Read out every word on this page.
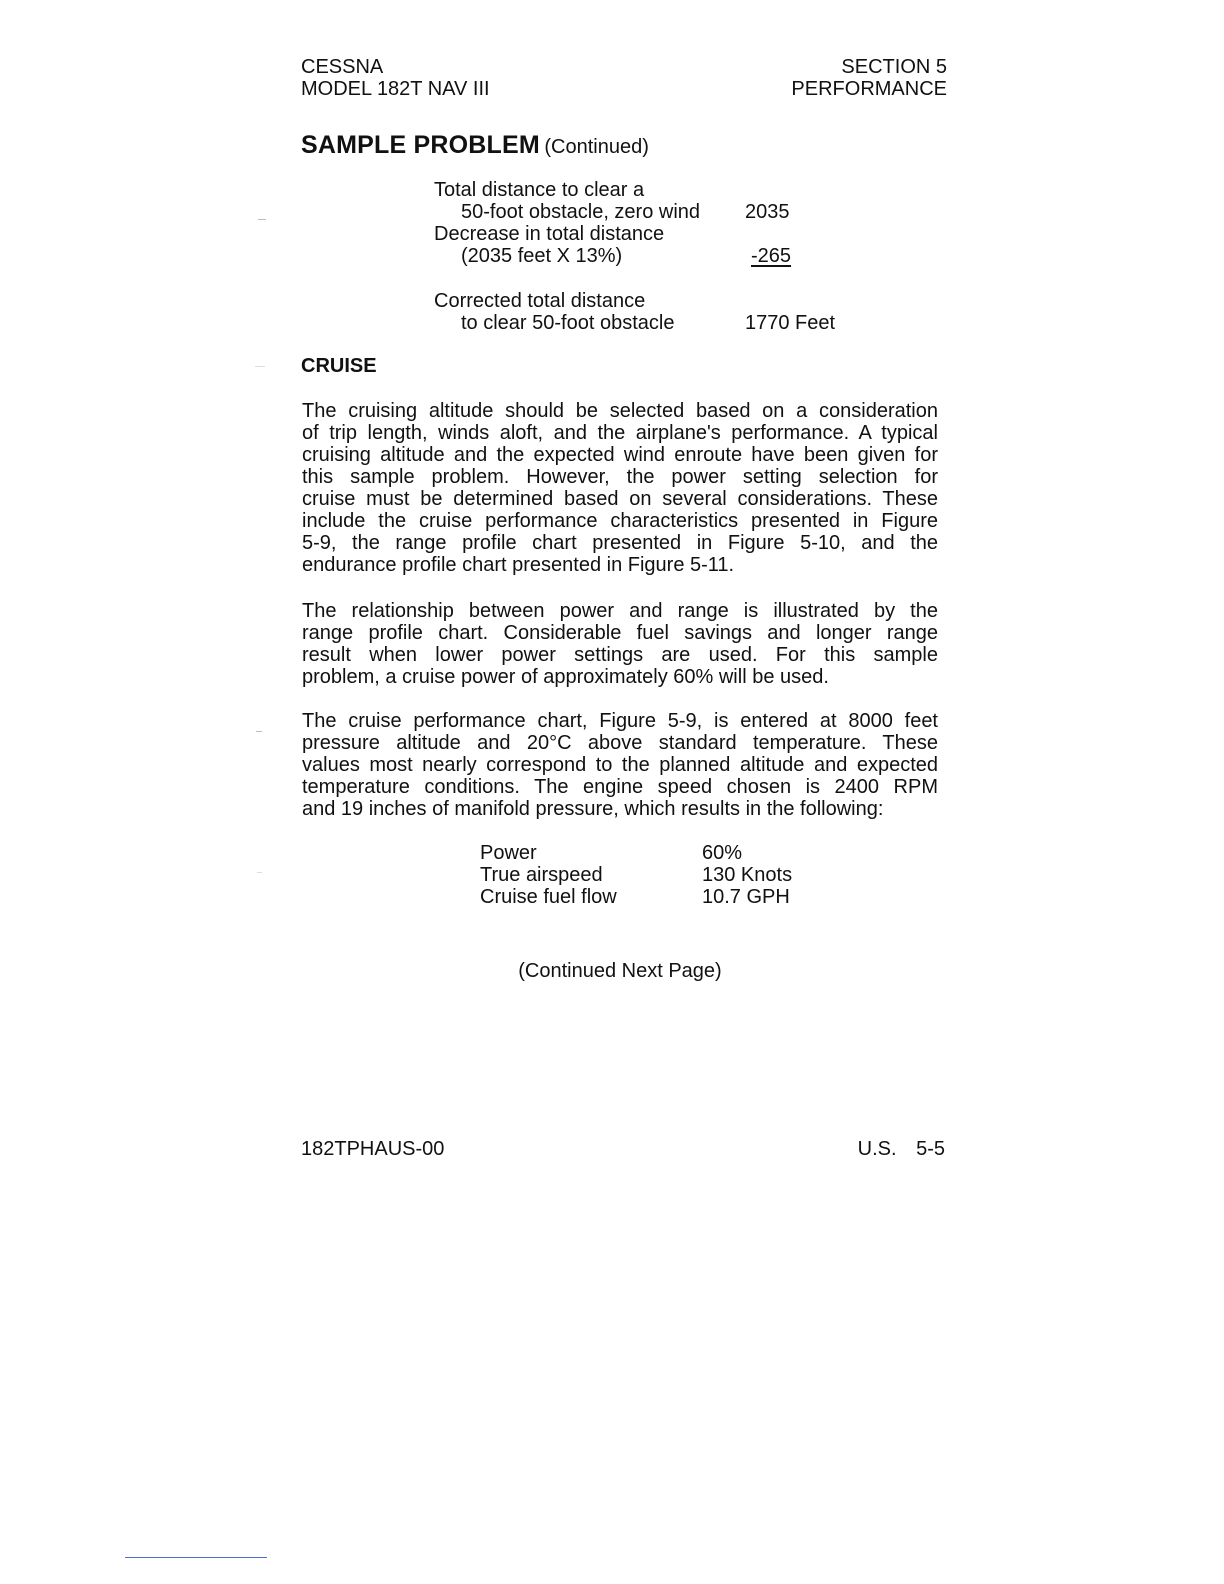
CESSNA
MODEL 182T NAV III
SECTION 5
PERFORMANCE
SAMPLE PROBLEM (Continued)
Total distance to clear a
50-foot obstacle, zero wind 2035
Decrease in total distance
(2035 feet X 13%)	-265
Corrected total distance
to clear 50-foot obstacle	1770 Feet
CRUISE
The cruising altitude should be selected based on a consideration
of trip length, winds aloft, and the airplane's performance. A typical
cruising altitude and the expected wind enroute have been given for
this sample problem. However, the power setting selection for
cruise must be determined based on several considerations. These
include the cruise performance characteristics presented in Figure
5-9, the range profile chart presented in Figure 5-10, and the
endurance profile chart presented in Figure 5-11.
The relationship between power and range is illustrated by the
range profile chart. Considerable fuel savings and longer range
result when lower power settings are used. For this sample
problem, a cruise power of approximately 60% will be used.
The cruise performance chart, Figure 5-9, is entered at 8000 feet
pressure altitude and 20°C above standard temperature. These
values most nearly correspond to the planned altitude and expected
temperature conditions. The engine speed chosen is 2400 RPM
and 19 inches of manifold pressure, which results in the following:
Power	60%
True airspeed	130 Knots
Cruise fuel flow	10.7 GPH
(Continued Next Page)
182TPHAUS-00	U.S. 5-5
